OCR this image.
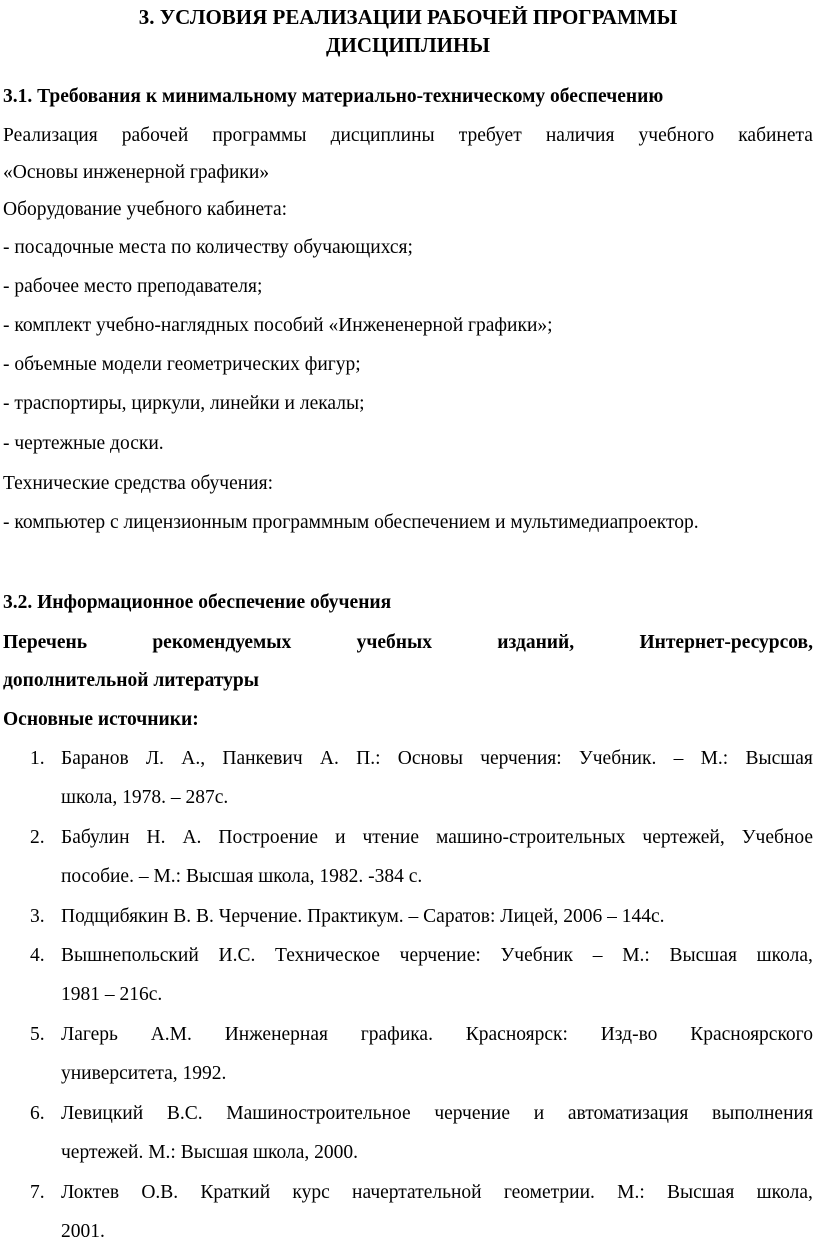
3. УСЛОВИЯ РЕАЛИЗАЦИИ РАБОЧЕЙ ПРОГРАММЫ
ДИСЦИПЛИНЫ
3.1. Требования к минимальному материально-техническому обеспечению
Реализация рабочей программы дисциплины требует наличия учебного кабинета
«Основы инженерной графики»
Оборудование учебного кабинета:
- посадочные места по количеству обучающихся;
- рабочее место преподавателя;
- комплект учебно-наглядных пособий «Инжененерной графики»;
- объемные модели геометрических фигур;
- траспортиры, циркули, линейки и лекалы;
- чертежные доски.
Технические средства обучения:
- компьютер с лицензионным программным обеспечением и мультимедиапроектор.
3.2. Информационное обеспечение обучения
Перечень	рекомендуемых	учебных	изданий,	Интернет-ресурсов,
дополнительной литературы
Основные источники:
1. Баранов Л. А., Панкевич А. П.: Основы черчения: Учебник. – М.: Высшая
школа, 1978. – 287с.
2. Бабулин Н. А. Построение и чтение машино-строительных чертежей, Учебное
пособие. – М.: Высшая школа, 1982. -384 с.
3. Подщибякин В. В. Черчение. Практикум. – Саратов: Лицей, 2006 – 144с.
4. Вышнепольский И.С. Техническое черчение: Учебник – М.: Высшая школа,
1981 – 216с.
5. Лагерь А.М. Инженерная графика. Красноярск: Изд-во Красноярского
университета, 1992.
6. Левицкий В.С. Машиностроительное черчение и автоматизация выполнения
чертежей. М.: Высшая школа, 2000.
7. Локтев О.В. Краткий курс начертательной геометрии. М.: Высшая школа,
2001.
